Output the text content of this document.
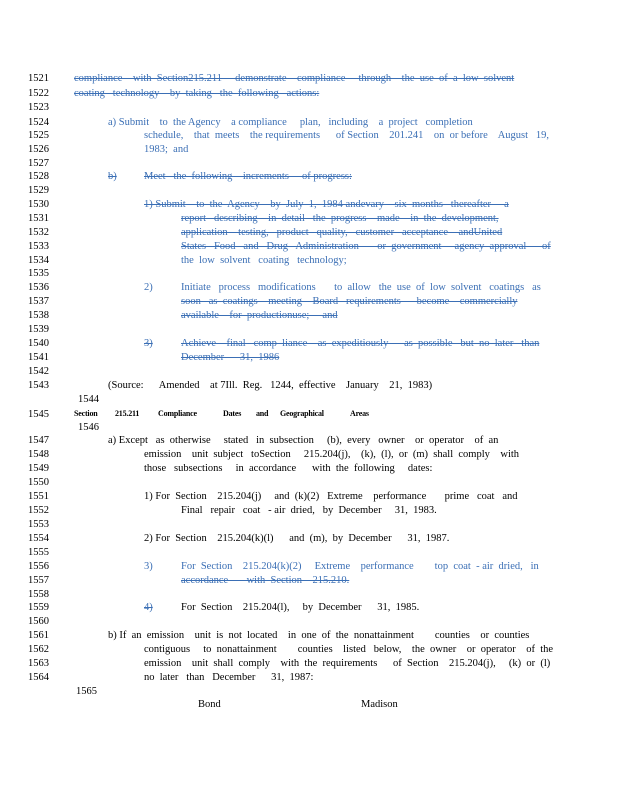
1521
1522
1523
1524
1525
1526
1527
1528
1529
1530
1531
1532
1533
1534
1535
1536
1537
1538
1539
1540
1541
1542
1543
1544
1545
1546
1547
1548
1549
1550
1551
1552
1553
1554
1555
1556
1557
1558
1559
1560
1561
1562
1563
1564
1565
compliance    with  Section215.211     demonstrate    compliance     through    the  use  of  a  low  solvent
coating   technology    by  taking   the  following   actions:
a) Submit    to  the Agency    a compliance     plan,   including    a  project   completion
schedule,    that  meets    the requirements      of Section    201.241    on  or before    August   19,
1983;  and
b)	Meet   the  following    increments     of progress:
1) Submit    to  the  Agency    by  July  1,  1984 andevary    six  months   thereafter     a
report   describing    in  detail   the  progress    made    in  the  development,
application    testing,   product   quality,   customer   acceptance    andUnited
States   Food   and   Drug   Administration       or  government     agency  approval      of
the  low  solvent   coating   technology;
2)	Initiate   process   modifications       to  allow   the  use  of  low  solvent   coatings   as
soon   as  coatings    meeting    Board   requirements      become    commercially
available    for  productionuse;     and
3)	Achieve    final   comp  liance    as  expeditiously      as  possible   but  no  later   than
December      31,  1986
(Source:      Amended    at 7Ill.  Reg.   1244,  effective    January    21,  1983)
Section 215.211 Compliance	Dates and Geographical	Areas
a) Except   as  otherwise     stated   in  subsection     (b),  every   owner    or  operator    of  an
emission    unit  subject   toSection     215.204(j),    (k),  (l),  or  (m)  shall  comply    with
those   subsections     in  accordance      with  the  following     dates:
1) For  Section    215.204(j)     and  (k)(2)   Extreme    performance       prime   coat   and
Final   repair   coat   - air  dried,   by  December     31,  1983.
2) For  Section    215.204(k)(l)      and  (m),  by  December      31,  1987.
3)	For  Section    215.204(k)(2)     Extreme    performance        top  coat  - air  dried,   in
accordance       with  Section    215.210.
4)	For  Section    215.204(l),     by  December      31,  1985.
b) If  an  emission    unit  is  not  located    in  one  of  the  nonattainment        counties    or  counties
contiguous     to  nonattainment        counties    listed   below,    the  owner    or  operator    of  the
emission    unit  shall  comply    with  the  requirements      of  Section    215.204(j),     (k)  or  (l)
no  later   than   December      31,  1987:
Bond	Madison
